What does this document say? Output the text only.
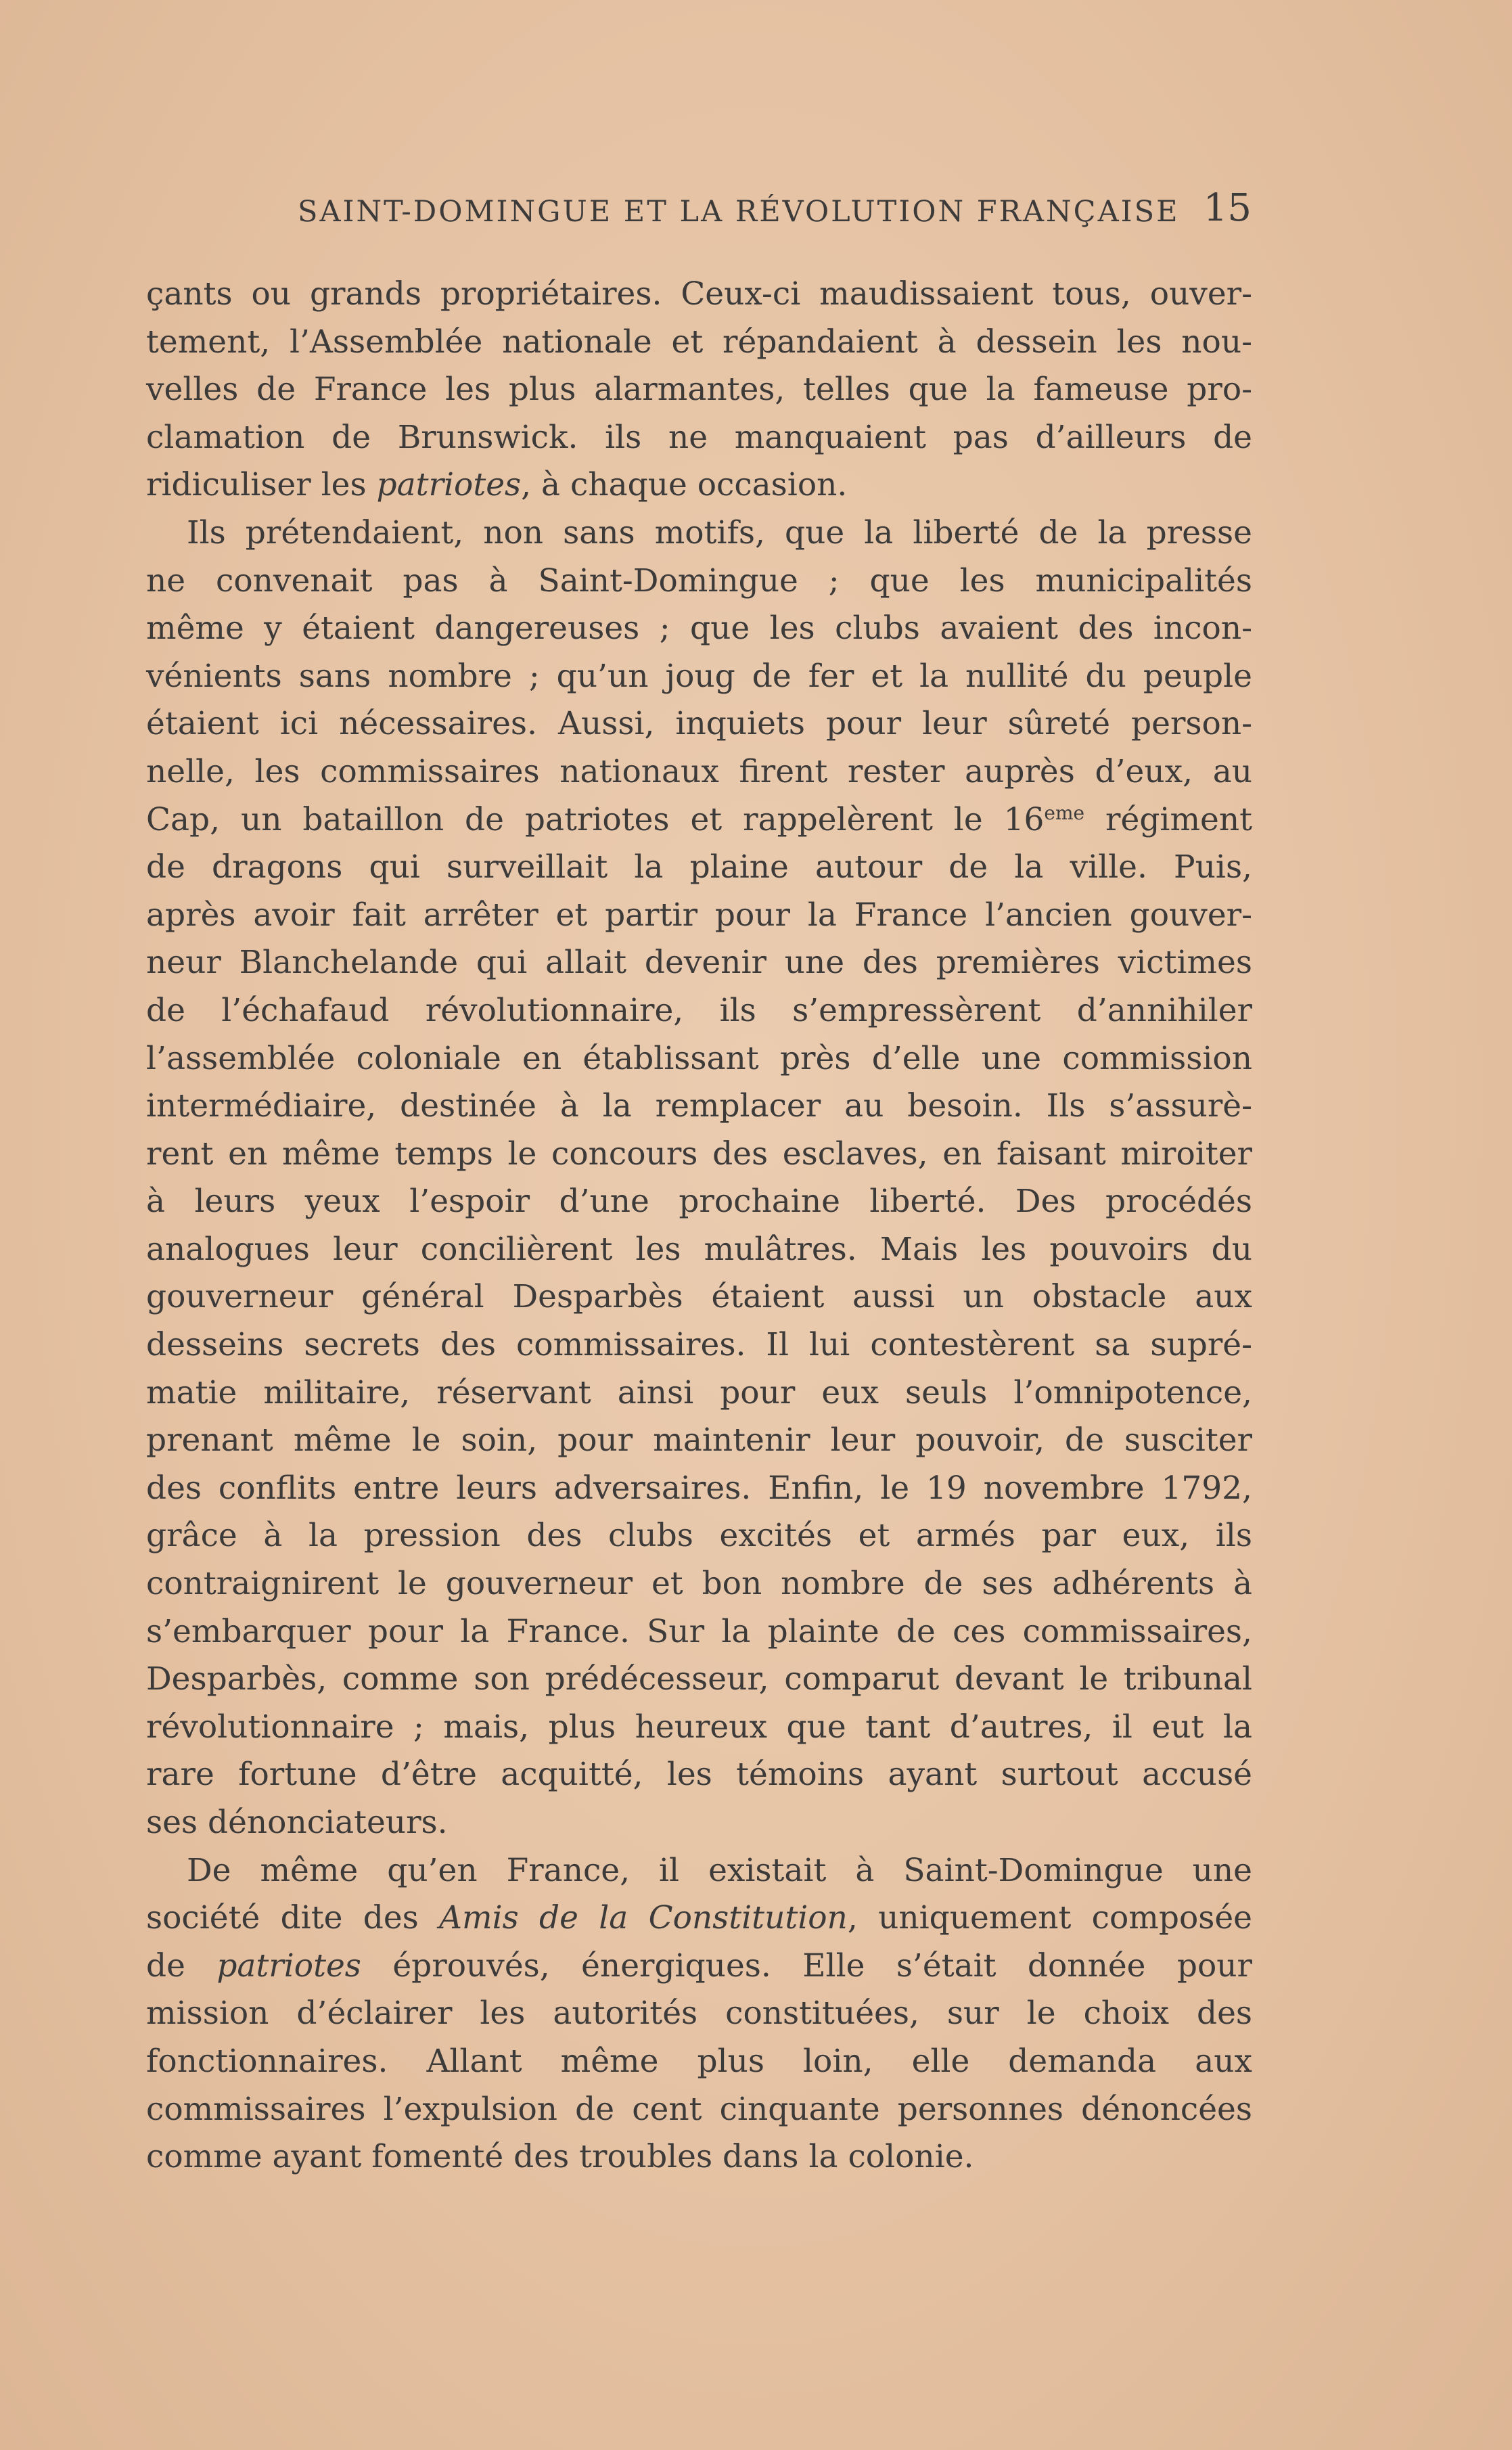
SAINT-DOMINGUE ET LA RÉVOLUTION FRANÇAISE 15
çants ou grands propriétaires. Ceux-ci maudissaient tous, ouver-
tement, l’Assemblée nationale et répandaient à dessein les nou-
velles de France les plus alarmantes, telles que la fameuse pro-
clamation de Brunswick. ils ne manquaient pas d’ailleurs de
ridiculiser les patriotes, à chaque occasion.
Ils prétendaient, non sans motifs, que la liberté de la presse
ne convenait pas à Saint-Domingue ; que les municipalités
même y étaient dangereuses ; que les clubs avaient des incon-
vénients sans nombre ; qu’un joug de fer et la nullité du peuple
étaient ici nécessaires. Aussi, inquiets pour leur sûreté person-
nelle, les commissaires nationaux firent rester auprès d’eux, au
Cap, un bataillon de patriotes et rappelèrent le 16eme régiment
de dragons qui surveillait la plaine autour de la ville. Puis,
après avoir fait arrêter et partir pour la France l’ancien gouver-
neur Blanchelande qui allait devenir une des premières victimes
de l’échafaud révolutionnaire, ils s’empressèrent d’annihiler
l’assemblée coloniale en établissant près d’elle une commission
intermédiaire, destinée à la remplacer au besoin. Ils s’assurè-
rent en même temps le concours des esclaves, en faisant miroiter
à leurs yeux l’espoir d’une prochaine liberté. Des procédés
analogues leur concilièrent les mulâtres. Mais les pouvoirs du
gouverneur général Desparbès étaient aussi un obstacle aux
desseins secrets des commissaires. Il lui contestèrent sa supré-
matie militaire, réservant ainsi pour eux seuls l’omnipotence,
prenant même le soin, pour maintenir leur pouvoir, de susciter
des conflits entre leurs adversaires. Enfin, le 19 novembre 1792,
grâce à la pression des clubs excités et armés par eux, ils
contraignirent le gouverneur et bon nombre de ses adhérents à
s’embarquer pour la France. Sur la plainte de ces commissaires,
Desparbès, comme son prédécesseur, comparut devant le tribunal
révolutionnaire ; mais, plus heureux que tant d’autres, il eut la
rare fortune d’être acquitté, les témoins ayant surtout accusé
ses dénonciateurs.
De même qu’en France, il existait à Saint-Domingue une
société dite des Amis de la Constitution, uniquement composée
de patriotes éprouvés, énergiques. Elle s’était donnée pour
mission d’éclairer les autorités constituées, sur le choix des
fonctionnaires. Allant même plus loin, elle demanda aux
commissaires l’expulsion de cent cinquante personnes dénoncées
comme ayant fomenté des troubles dans la colonie.
